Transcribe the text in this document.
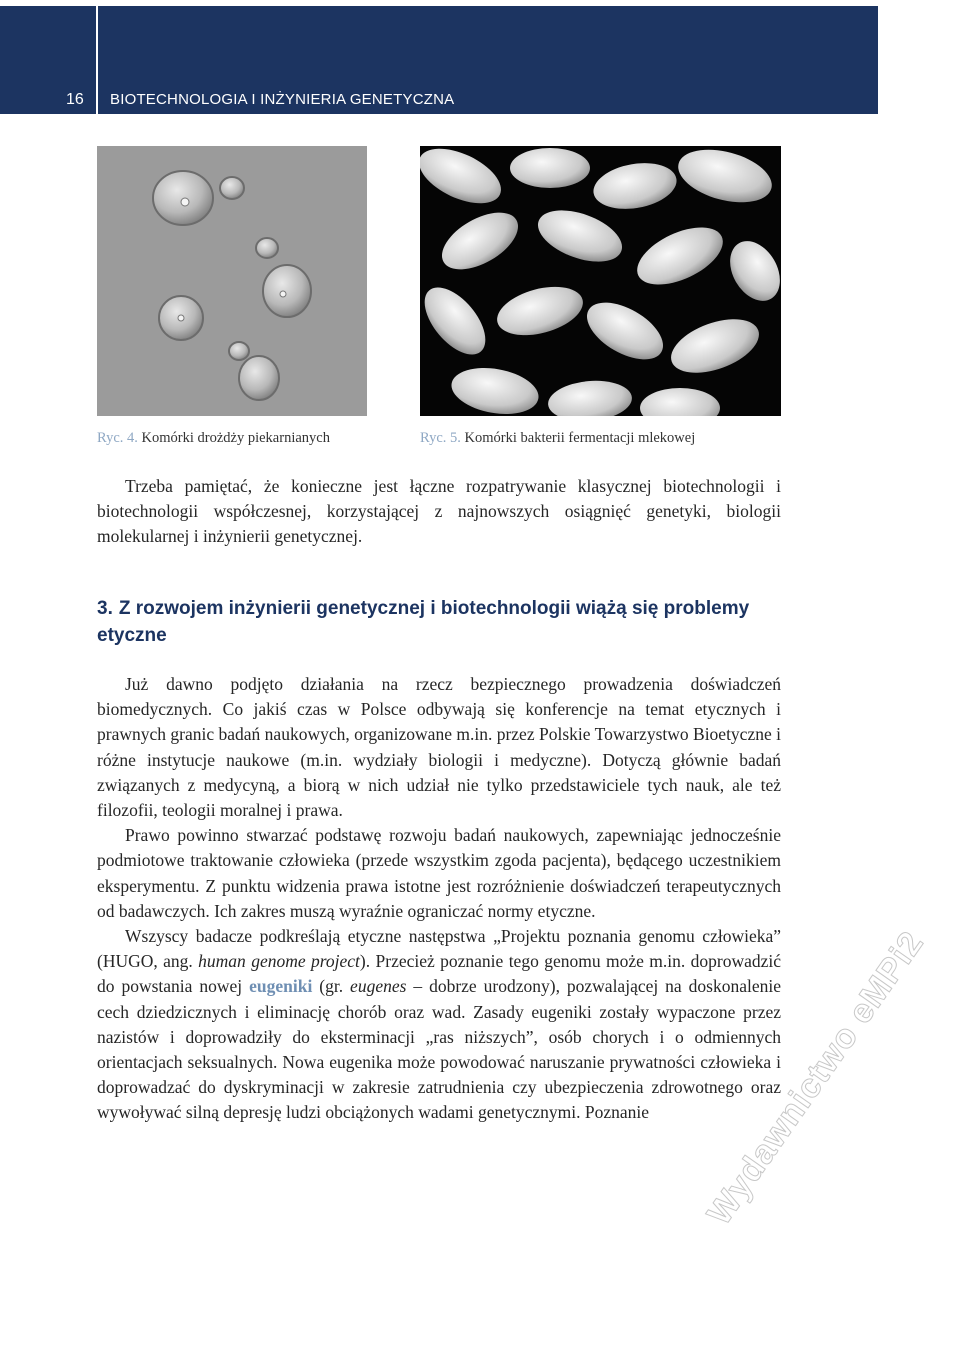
16 BIOTECHNOLOGIA I INŻYNIERIA GENETYCZNA
Ryc. 4. Komórki drożdży piekarnianych	Ryc. 5. Komórki bakterii fermentacji mlekowej

Trzeba pamiętać, że konieczne jest łączne rozpatrywanie klasycznej biotechnologii i biotechnologii współczesnej, korzystającej z najnowszych osiągnięć genetyki, biologii molekularnej i inżynierii genetycznej.

3. Z rozwojem inżynierii genetycznej i biotechnologii wiążą się problemy etyczne

Już dawno podjęto działania na rzecz bezpiecznego prowadzenia doświadczeń biomedycznych. Co jakiś czas w Polsce odbywają się konferencje na temat etycznych i prawnych granic badań naukowych, organizowane m.in. przez Polskie Towarzystwo Bioetyczne i różne instytucje naukowe (m.in. wydziały biologii i medyczne). Dotyczą głównie badań związanych z medycyną, a biorą w nich udział nie tylko przedstawiciele tych nauk, ale też filozofii, teologii moralnej i prawa.

Prawo powinno stwarzać podstawę rozwoju badań naukowych, zapewniając jednocześnie podmiotowe traktowanie człowieka (przede wszystkim zgoda pacjenta), będącego uczestnikiem eksperymentu. Z punktu widzenia prawa istotne jest rozróżnienie doświadczeń terapeutycznych od badawczych. Ich zakres muszą wyraźnie ograniczać normy etyczne.

Wszyscy badacze podkreślają etyczne następstwa „Projektu poznania genomu człowieka” (HUGO, ang. human genome project). Przecież poznanie tego genomu może m.in. doprowadzić do powstania nowej eugeniki (gr. eugenes – dobrze urodzony), pozwalającej na doskonalenie cech dziedzicznych i eliminację chorób oraz wad. Zasady eugeniki zostały wypaczone przez nazistów i doprowadziły do eksterminacji „ras niższych”, osób chorych i o odmiennych orientacjach seksualnych. Nowa eugenika może powodować naruszanie prywatności człowieka i doprowadzać do dyskryminacji w zakresie zatrudnienia czy ubezpieczenia zdrowotnego oraz wywoływać silną depresję ludzi obciążonych wadami genetycznymi. Poznanie	Wydawnictwo eMPi2
